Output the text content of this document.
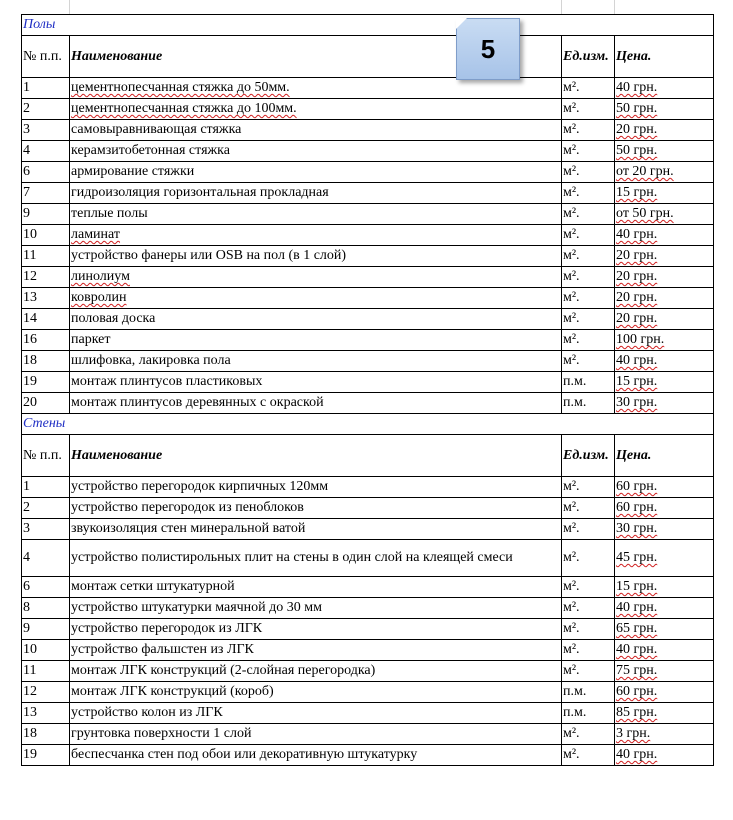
Полы			
№ п.п.	Наименование	Ед.изм.	Цена.
1	цементнопесчанная стяжка до 50мм.	м².	40 грн.
2	цементнопесчанная стяжка до 100мм.	м².	50 грн.
3	самовыравнивающая стяжка	м².	20 грн.
4	керамзитобетонная стяжка	м².	50 грн.
6	армирование стяжки	м².	от 20 грн.
7	гидроизоляция горизонтальная прокладная	м².	15 грн.
9	теплые полы	м².	от 50 грн.
10	ламинат	м².	40 грн.
11	устройство фанеры или OSB на пол (в 1 слой)	м².	20 грн.
12	линолиум	м².	20 грн.
13	ковролин	м².	20 грн.
14	половая доска	м².	20 грн.
16	паркет	м².	100 грн.
18	шлифовка, лакировка пола	м².	40 грн.
19	монтаж плинтусов пластиковых	п.м.	15 грн.
20	монтаж плинтусов деревянных с окраской	п.м.	30 грн.
Стены			
№ п.п.	Наименование	Ед.изм.	Цена.
1	устройство перегородок кирпичных 120мм	м².	60 грн.
2	устройство перегородок из пеноблоков	м².	60 грн.
3	звукоизоляция стен минеральной ватой	м².	30 грн.
4	устройство полистирольных плит на стены в один слой на клеящей смеси	м².	45 грн.
6	монтаж сетки штукатурной	м².	15 грн.
8	устройство штукатурки маячной до 30 мм	м².	40 грн.
9	устройство перегородок из ЛГК	м².	65 грн.
10	устройство фальшстен из ЛГК	м².	40 грн.
11	монтаж ЛГК конструкций (2-слойная перегородка)	м².	75 грн.
12	монтаж ЛГК конструкций (короб)	п.м.	60 грн.
13	устройство колон из ЛГК	п.м.	85 грн.
18	грунтовка поверхности 1 слой	м².	3 грн.
19	беспесчанка стен под обои или декоративную штукатурку	м².	40 грн.
5
